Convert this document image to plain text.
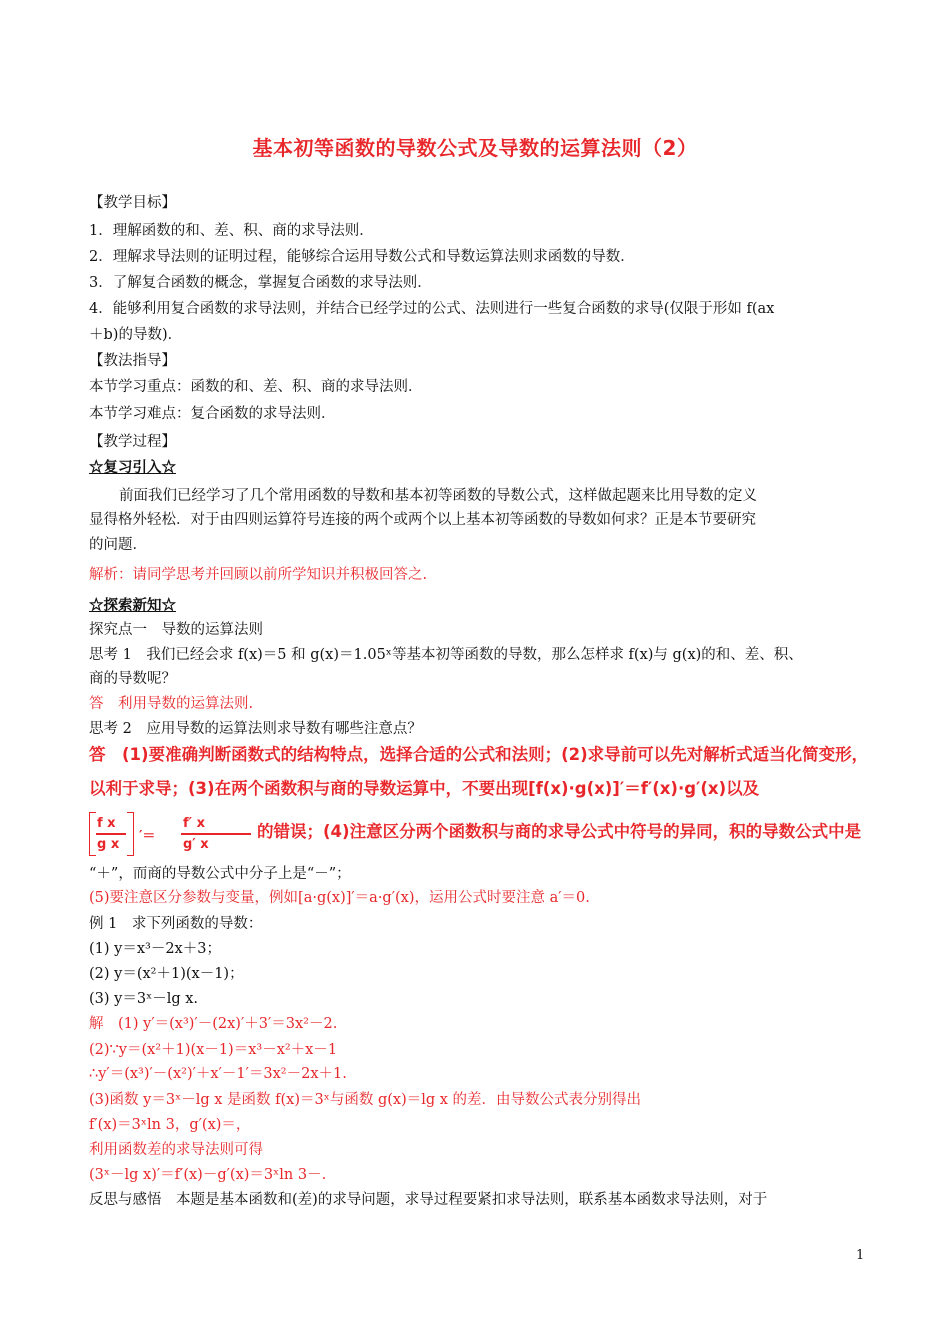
基本初等函数的导数公式及导数的运算法则（2）
【教学目标】
1．理解函数的和、差、积、商的求导法则．
2．理解求导法则的证明过程，能够综合运用导数公式和导数运算法则求函数的导数．
3．了解复合函数的概念，掌握复合函数的求导法则．
4．能够利用复合函数的求导法则，并结合已经学过的公式、法则进行一些复合函数的求导(仅限于形如 f(ax
＋b)的导数)．
【教法指导】
本节学习重点：函数的和、差、积、商的求导法则．
本节学习难点：复合函数的求导法则．
【教学过程】
☆复习引入☆
前面我们已经学习了几个常用函数的导数和基本初等函数的导数公式，这样做起题来比用导数的定义
显得格外轻松．对于由四则运算符号连接的两个或两个以上基本初等函数的导数如何求？正是本节要研究
的问题．
解析：请同学思考并回顾以前所学知识并积极回答之.
☆探索新知☆
探究点一　导数的运算法则
思考 1　我们已经会求 f(x)＝5 和 g(x)＝1.05ˣ等基本初等函数的导数，那么怎样求 f(x)与 g(x)的和、差、积、
商的导数呢？
答　利用导数的运算法则.
思考 2　应用导数的运算法则求导数有哪些注意点？
答　(1)要准确判断函数式的结构特点，选择合适的公式和法则；(2)求导前可以先对解析式适当化简变形，
以利于求导；(3)在两个函数积与商的导数运算中，不要出现[f(x)·g(x)]′＝f′(x)·g′(x)以及
f x
g x
′＝
f′ x
g′ x
的错误；(4)注意区分两个函数积与商的求导公式中符号的异同，积的导数公式中是
“＋”，而商的导数公式中分子上是“－”；
(5)要注意区分参数与变量，例如[a·g(x)]′＝a·g′(x)，运用公式时要注意 a′＝0.
例 1　求下列函数的导数：
(1) y＝x³－2x＋3；
(2) y＝(x²＋1)(x－1)；
(3) y＝3ˣ－lg x.
解　(1) y′＝(x³)′－(2x)′＋3′＝3x²－2.
(2)∵y＝(x²＋1)(x－1)＝x³－x²＋x－1
∴y′＝(x³)′－(x²)′＋x′－1′＝3x²－2x＋1.
(3)函数 y＝3ˣ－lg x 是函数 f(x)＝3ˣ与函数 g(x)＝lg x 的差．由导数公式表分别得出
f′(x)＝3ˣln 3，g′(x)＝，
利用函数差的求导法则可得
(3ˣ－lg x)′＝f′(x)－g′(x)＝3ˣln 3－.
反思与感悟　本题是基本函数和(差)的求导问题，求导过程要紧扣求导法则，联系基本函数求导法则，对于
1
